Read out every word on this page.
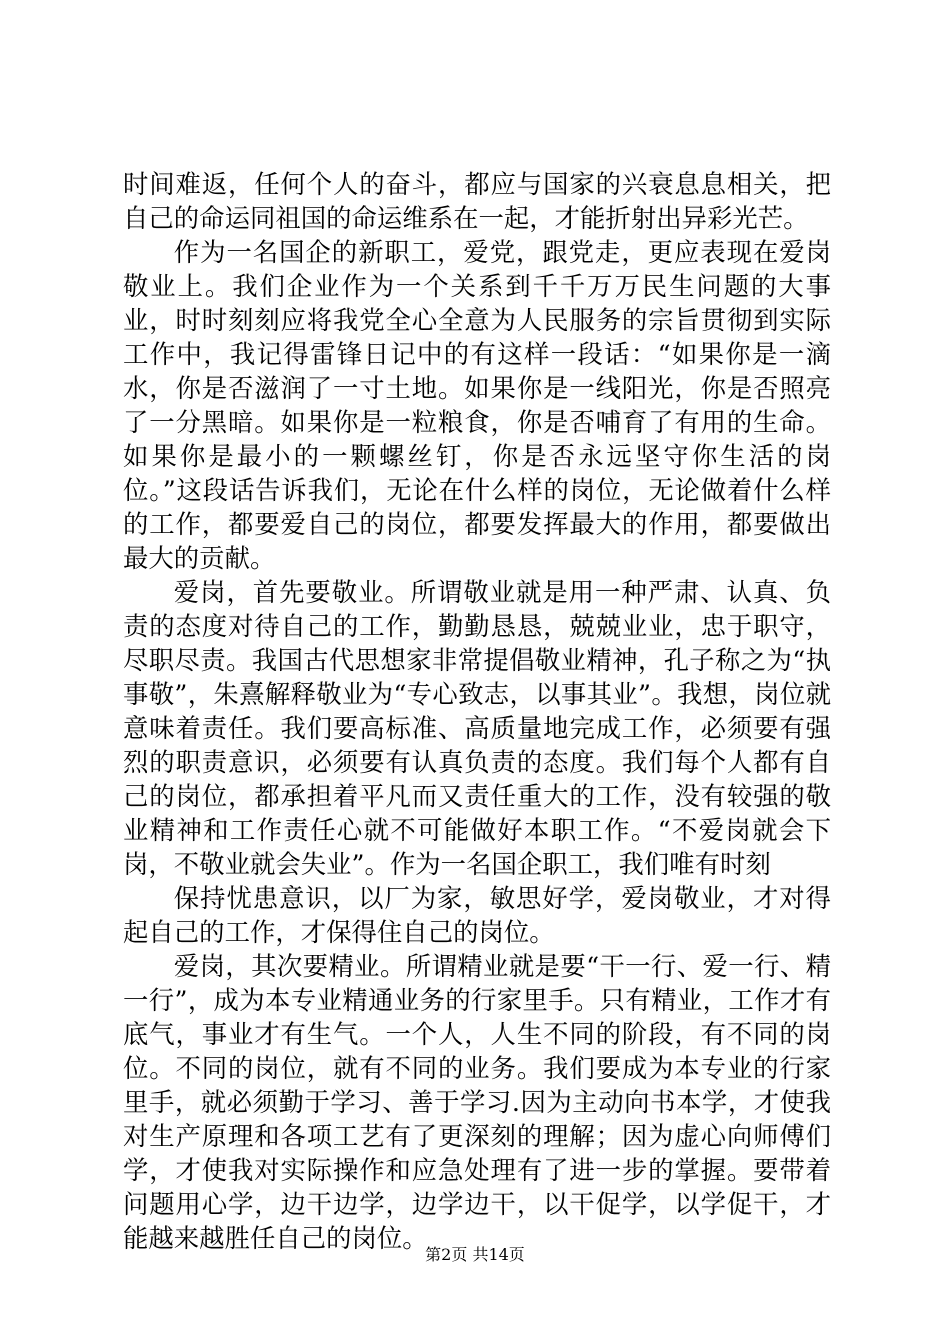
时间难返，任何个人的奋斗，都应与国家的兴衰息息相关，把自己的命运同祖国的命运维系在一起，才能折射出异彩光芒。

作为一名国企的新职工，爱党，跟党走，更应表现在爱岗敬业上。我们企业作为一个关系到千千万万民生问题的大事业，时时刻刻应将我党全心全意为人民服务的宗旨贯彻到实际工作中，我记得雷锋日记中的有这样一段话：“如果你是一滴水，你是否滋润了一寸土地。如果你是一线阳光，你是否照亮了一分黑暗。如果你是一粒粮食，你是否哺育了有用的生命。如果你是最小的一颗螺丝钉，你是否永远坚守你生活的岗位。”这段话告诉我们，无论在什么样的岗位，无论做着什么样的工作，都要爱自己的岗位，都要发挥最大的作用，都要做出最大的贡献。

爱岗，首先要敬业。所谓敬业就是用一种严肃、认真、负责的态度对待自己的工作，勤勤恳恳，兢兢业业，忠于职守，尽职尽责。我国古代思想家非常提倡敬业精神，孔子称之为“执事敬”，朱熹解释敬业为“专心致志，以事其业”。我想，岗位就意味着责任。我们要高标准、高质量地完成工作，必须要有强烈的职责意识，必须要有认真负责的态度。我们每个人都有自己的岗位，都承担着平凡而又责任重大的工作，没有较强的敬业精神和工作责任心就不可能做好本职工作。“不爱岗就会下岗，不敬业就会失业”。作为一名国企职工，我们唯有时刻

保持忧患意识，以厂为家，敏思好学，爱岗敬业，才对得起自己的工作，才保得住自己的岗位。

爱岗，其次要精业。所谓精业就是要“干一行、爱一行、精一行”，成为本专业精通业务的行家里手。只有精业，工作才有底气，事业才有生气。一个人，人生不同的阶段，有不同的岗位。不同的岗位，就有不同的业务。我们要成为本专业的行家里手，就必须勤于学习、善于学习.因为主动向书本学，才使我对生产原理和各项工艺有了更深刻的理解；因为虚心向师傅们学，才使我对实际操作和应急处理有了进一步的掌握。要带着问题用心学，边干边学，边学边干，以干促学，以学促干，才能越来越胜任自己的岗位。

第2页 共14页
